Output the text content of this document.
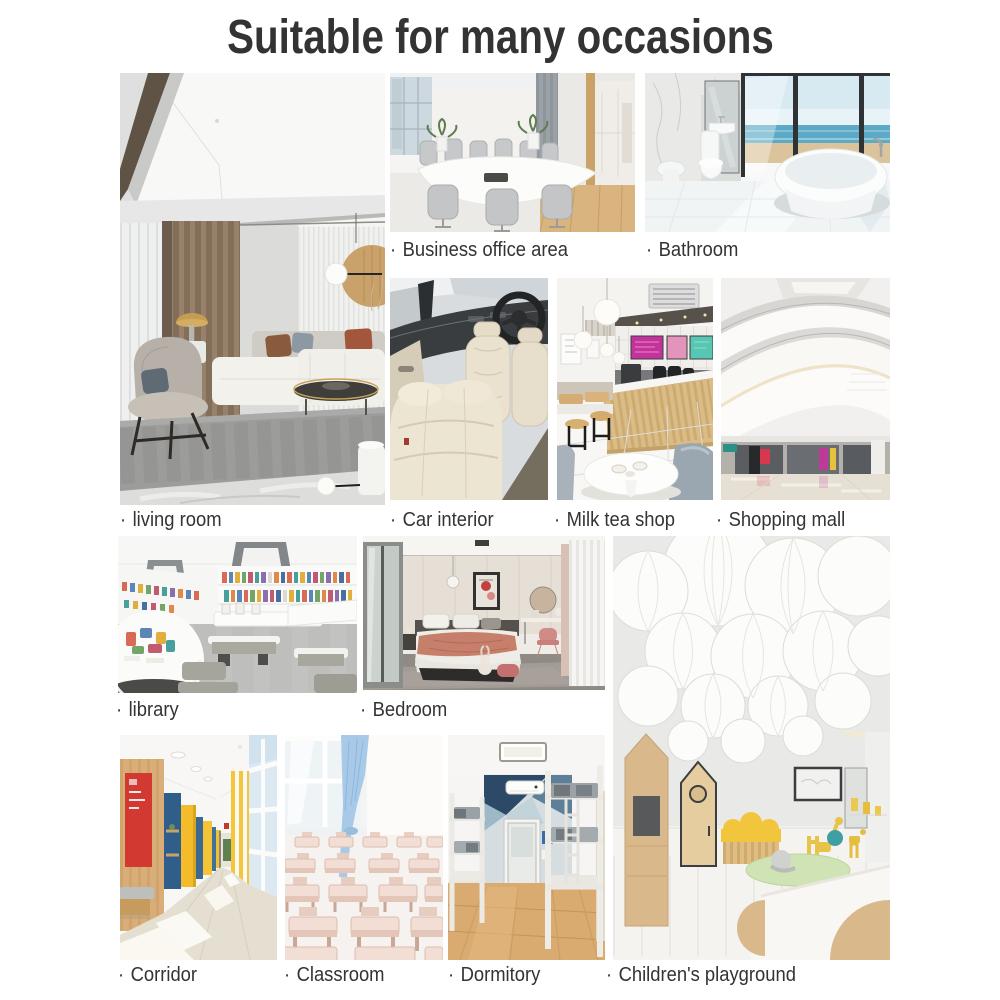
Suitable for many occasions
· Business office area	· Bathroom
· living room	· Car interior	· Milk tea shop · Shopping mall
· library	· Bedroom
· Corridor	· Classroom	· Dormitory	· Children's playground
